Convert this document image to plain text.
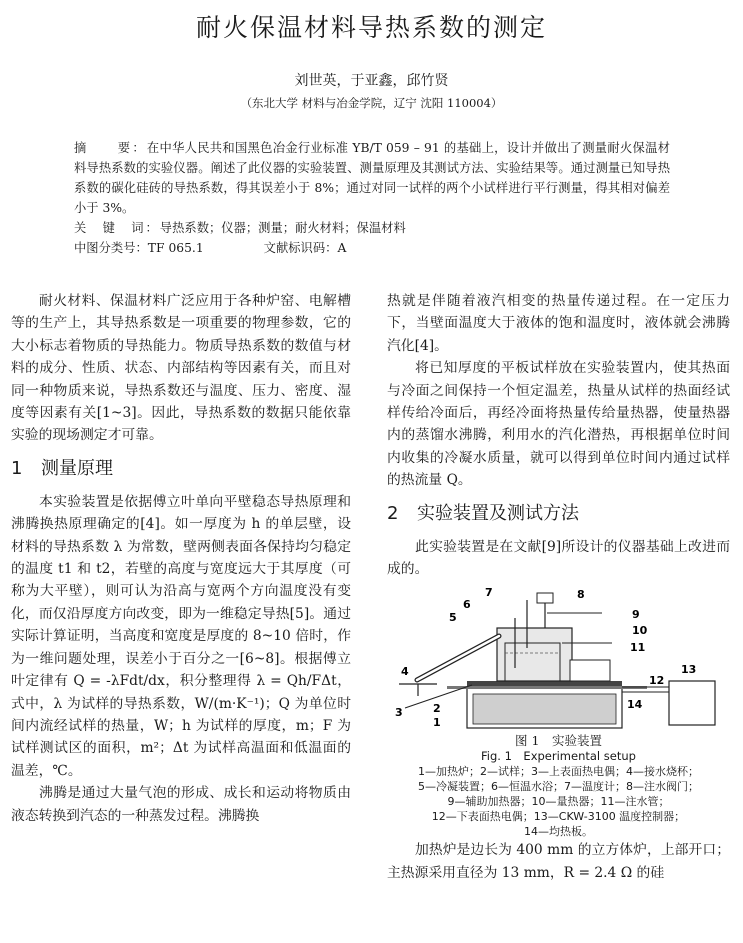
耐火保温材料导热系数的测定
刘世英，于亚鑫，邱竹贤
（东北大学 材料与冶金学院，辽宁 沈阳 110004）

摘　　要：在中华人民共和国黑色冶金行业标准 YB/T 059 – 91 的基础上，设计并做出了测量耐火保温材料导热系数的实验仪器。阐述了此仪器的实验装置、测量原理及其测试方法、实验结果等。通过测量已知导热系数的碳化硅砖的导热系数，得其误差小于 8%；通过对同一试样的两个小试样进行平行测量，得其相对偏差小于 3%。

关　键　词：导热系数；仪器；测量；耐火材料；保温材料

中图分类号：TF 065.1	文献标识码：A

耐火材料、保温材料广泛应用于各种炉窑、电解槽等的生产上，其导热系数是一项重要的物理参数，它的大小标志着物质的导热能力。物质导热系数的数值与材料的成分、性质、状态、内部结构等因素有关，而且对同一种物质来说，导热系数还与温度、压力、密度、湿度等因素有关[1~3]。因此，导热系数的数据只能依靠实验的现场测定才可靠。

1 测量原理

本实验装置是依据傅立叶单向平壁稳态导热原理和沸腾换热原理确定的[4]。如一厚度为 h 的单层壁，设材料的导热系数 λ 为常数，壁两侧表面各保持均匀稳定的温度 t1 和 t2，若壁的高度与宽度远大于其厚度（可称为大平壁），则可认为沿高与宽两个方向温度没有变化，而仅沿厚度方向改变，即为一维稳定导热[5]。通过实际计算证明，当高度和宽度是厚度的 8~10 倍时，作为一维问题处理，误差小于百分之一[6~8]。根据傅立叶定律有 Q = -λFdt/dx，积分整理得 λ = Qh/FΔt，式中，λ 为试样的导热系数，W/(m·K⁻¹)；Q 为单位时间内流经试样的热量，W；h 为试样的厚度，m；F 为试样测试区的面积，m²；Δt 为试样高温面和低温面的温差，℃。

沸腾是通过大量气泡的形成、成长和运动将物质由液态转换到汽态的一种蒸发过程。沸腾换

热就是伴随着液汽相变的热量传递过程。在一定压力下，当壁面温度大于液体的饱和温度时，液体就会沸腾汽化[4]。

将已知厚度的平板试样放在实验装置内，使其热面与冷面之间保持一个恒定温差，热量从试样的热面经试样传给冷面后，再经冷面将热量传给量热器，使量热器内的蒸馏水沸腾，利用水的汽化潜热，再根据单位时间内收集的冷凝水质量，就可以得到单位时间内通过试样的热流量 Q。

2 实验装置及测试方法

此实验装置是在文献[9]所设计的仪器基础上改进而成的。

1
2
3
4
5
6
7	8
9
10
11
12
13
14
图 1　实验装置
Fig. 1　Experimental setup
1—加热炉；2—试样；3—上表面热电偶；4—接水烧杯；
5—冷凝装置；6—恒温水浴；7—温度计；8—注水阀门；
9—辅助加热器；10—量热器；11—注水管；
12—下表面热电偶；13—CKW-3100 温度控制器；
14—均热板。

加热炉是边长为 400 mm 的立方体炉，上部开口；主热源采用直径为 13 mm，R = 2.4 Ω 的硅
